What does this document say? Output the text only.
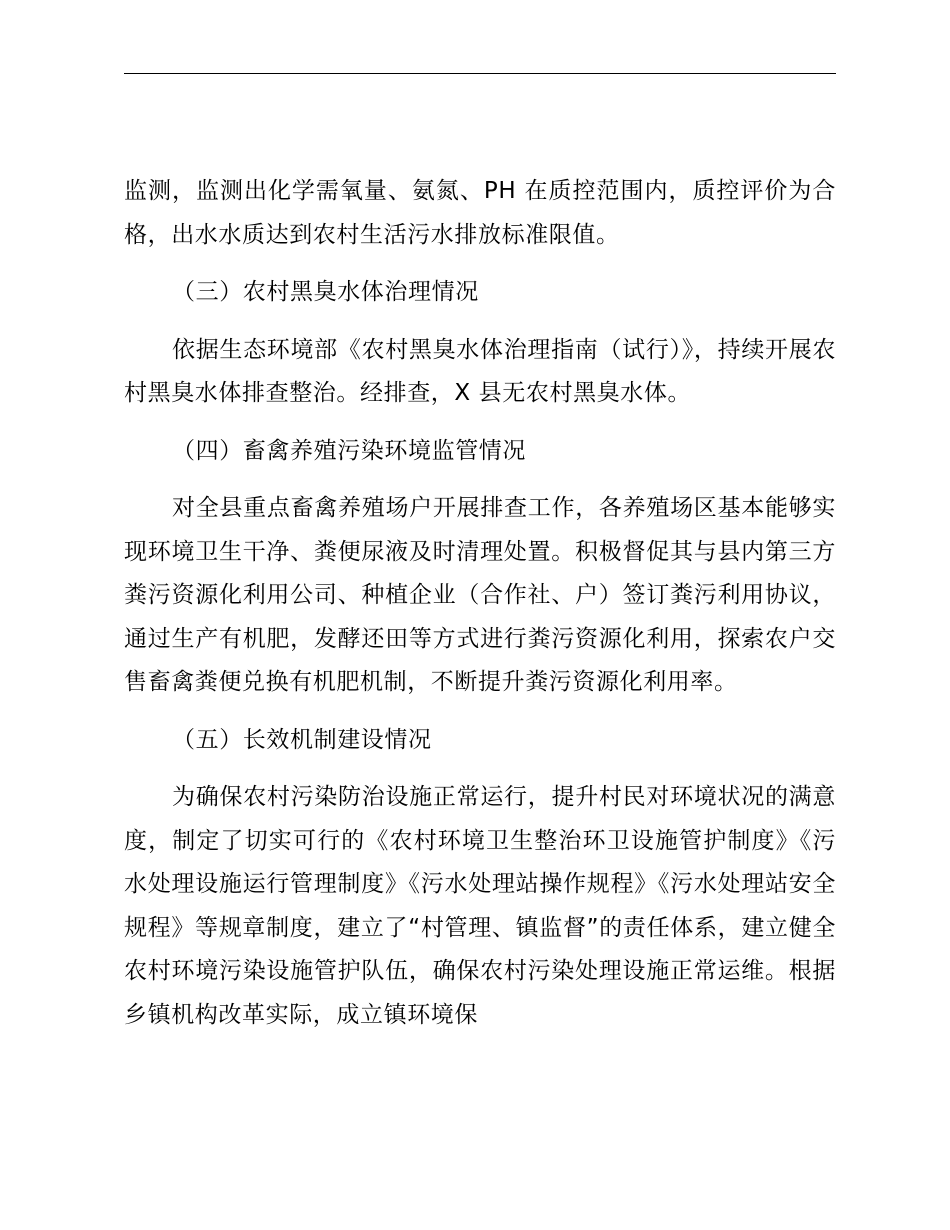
监测，监测出化学需氧量、氨氮、PH 在质控范围内，质控评价为合格，出水水质达到农村生活污水排放标准限值。

（三）农村黑臭水体治理情况

依据生态环境部《农村黑臭水体治理指南（试行）》，持续开展农村黑臭水体排查整治。经排查，X 县无农村黑臭水体。

（四）畜禽养殖污染环境监管情况

对全县重点畜禽养殖场户开展排查工作，各养殖场区基本能够实现环境卫生干净、粪便尿液及时清理处置。积极督促其与县内第三方粪污资源化利用公司、种植企业（合作社、户）签订粪污利用协议，通过生产有机肥，发酵还田等方式进行粪污资源化利用，探索农户交售畜禽粪便兑换有机肥机制，不断提升粪污资源化利用率。

（五）长效机制建设情况

为确保农村污染防治设施正常运行，提升村民对环境状况的满意度，制定了切实可行的《农村环境卫生整治环卫设施管护制度》《污水处理设施运行管理制度》《污水处理站操作规程》《污水处理站安全规程》等规章制度，建立了“村管理、镇监督”的责任体系，建立健全农村环境污染设施管护队伍，确保农村污染处理设施正常运维。根据乡镇机构改革实际，成立镇环境保
